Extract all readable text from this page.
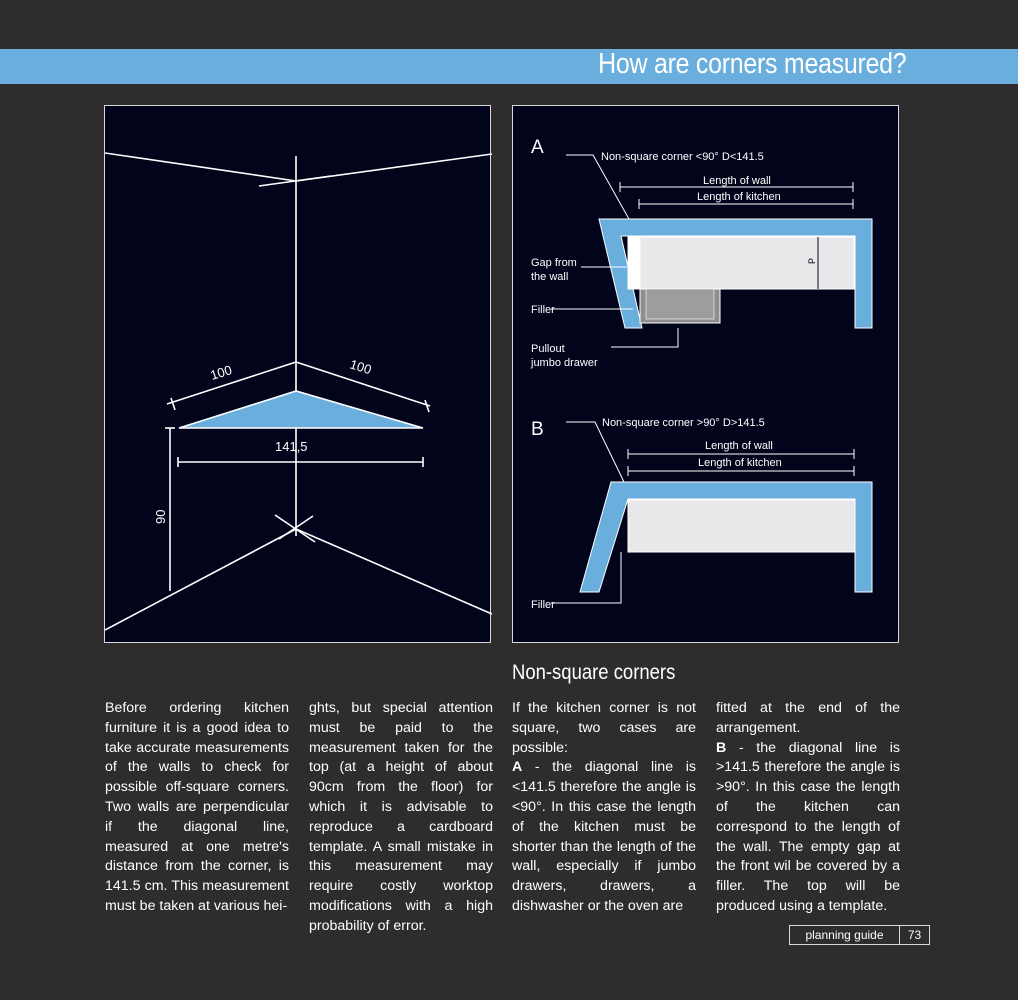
How are corners measured?
100	100
141,5
90
A	Non-square corner <90° D<141.5
P
Gap from
the wall
Filler
Pullout
jumbo drawer
Length of wall
Length of kitchen
B	Non-square corner >90° D>141.5
Filler
Length of wall
Length of kitchen
Non-square corners
Before ordering kitchen furniture it is a good idea to take accurate measurements of the walls to check for possible off-square corners. Two walls are perpendicular if the diagonal line, measured at one metre's distance from the corner, is 141.5 cm. This measurement must be taken at various hei-
ghts, but special attention must be paid to the measurement taken for the top (at a height of about 90cm from the floor) for which it is advisable to reproduce a cardboard template. A small mistake in this measurement may require costly worktop modifications with a high probability of error.
If the kitchen corner is not square, two cases are possible:
A - the diagonal line is <141.5 therefore the angle is <90°. In this case the length of the kitchen must be shorter than the length of the wall, especially if jumbo drawers, drawers, a dishwasher or the oven are
fitted at the end of the arrangement.
B - the diagonal line is >141.5 therefore the angle is >90°. In this case the length of the kitchen can correspond to the length of the wall. The empty gap at the front wil be covered by a filler. The top will be produced using a template.
planning guide	73
